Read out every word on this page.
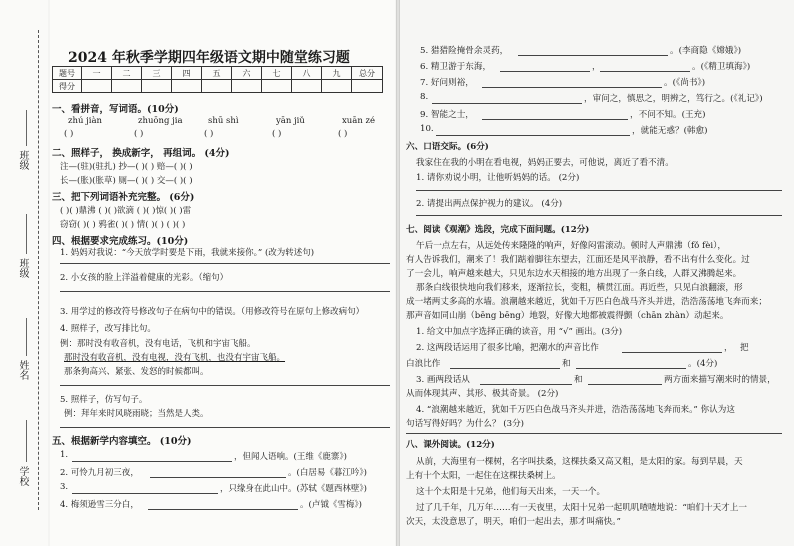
班级
班级
姓名
学校
2024 年秋季学期四年级语文期中随堂练习题
题号	一	二	三	四	五	六	七	八	九	总分
得分										
一、看拼音，写词语。(10分)
zhú jiàn	zhuōng jia	shū shì	yān jiǔ	xuān zé
( )	( )	( )	( )	( )
二、照样子， 换成新字， 再组词。 (4分)
注—(驻)(驻扎) 抄—( )( ) 赔—( )( )
长—(胀)(胀草) 厕—( )( ) 交—( )( )
三、把下列词语补充完整。 (6分)
( )( )鼎沸 ( )( )欲滴 ( )( )惊( )( )雷
窃窃( )( ) 鸦雀( )( ) 情( )( ) ( )( )
四、根据要求完成练习。(10分)
1. 妈妈对我说：“今天放学时要是下雨，我就来接你。” (改为转述句)
2. 小女孩的脸上洋溢着健康的光彩。（缩句）
3. 用学过的修改符号修改句子在病句中的错误。（用修改符号在原句上修改病句）
4. 照样子，改写排比句。
例：那时没有收音机，没有电话，飞机和宇宙飞船。
那时没有收音机，没有电视，没有飞机，也没有宇宙飞船。
那条狗高兴、紧张、发怒的时候都叫。
5. 照样子，仿写句子。
例：拜年来时风晓雨晓；当然是人类。
五、根据新学内容填空。 (10分)
1.	，但闻人语响。(王维《鹿寨》)
2. 可怜九月初三夜，	。(白居易《暮江吟》)
3.	，只缘身在此山中。(苏轼《题西林壁》)
4. 梅须逊雪三分白，	。(卢钺《雪梅》)
5. 猎猎险掩骨余灵药，	。(李商隐《嫦娥》)
6. 精卫游于东海，	，	。(《精卫填海》)
7. 好问则裕，	。(《尚书》)
8.	，审问之，慎思之，明辨之，笃行之。(《礼记》)
9. 智能之士，	，不问不知。(王充)
10.	，就能无惑？(韩愈)
六、口语交际。(6分)
我家住在我的小明在看电视，妈妈正要去，可他说，离近了看不清。
1. 请你劝说小明，让他听妈妈的话。 (2分)
2. 请提出两点保护视力的建议。 (4分)
七、阅读《观潮》选段，完成下面问题。(12分)
午后一点左右，从远处传来隆隆的响声，好像闷雷滚动。顿时人声鼎沸（fǒ fèi），
有人告诉我们，潮来了！我们踮着脚往东望去，江面还是风平浪静，看不出有什么变化。过
了一会儿，响声越来越大，只见东边水天相接的地方出现了一条白线，人群又沸腾起来。
那条白线很快地向我们移来，逐渐拉长，变粗，横贯江面。再近些，只见白浪翻滚，形
成一堵两丈多高的水墙。浪潮越来越近，犹如千万匹白色战马齐头并进，浩浩荡荡地飞奔而来；
那声音如同山崩（bēng bēng）地裂，好像大地都被震得颤（chān zhàn）动起来。
1. 给文中加点字选择正确的读音，用 “√” 画出。(3分)
2. 这两段话运用了很多比喻，把潮水的声音比作	， 把
白浪比作	和	。(4分)
3. 画两段话从	和	两方面来描写潮来时的情景，
从而体现其声、其形、极其奇景。 (2分)
4. “浪潮越来越近，犹如千万匹白色战马齐头并进，浩浩荡荡地飞奔而来。” 你认为这
句话写得好吗？为什么？ (3分)
八、课外阅读。(12分)
从前，大海里有一棵树，名字叫扶桑，这棵扶桑又高又粗，是太阳的家。每到早晨，天
上有十个太阳，一起住在这棵扶桑树上。
这十个太阳是十兄弟，他们每天出来，一天一个。
过了几千年，几万年……有一天夜里，太阳十兄弟一起叽叽喳喳地说：“咱们十天才上一
次天，太没意思了，明天，咱们一起出去，那才叫痛快。”
